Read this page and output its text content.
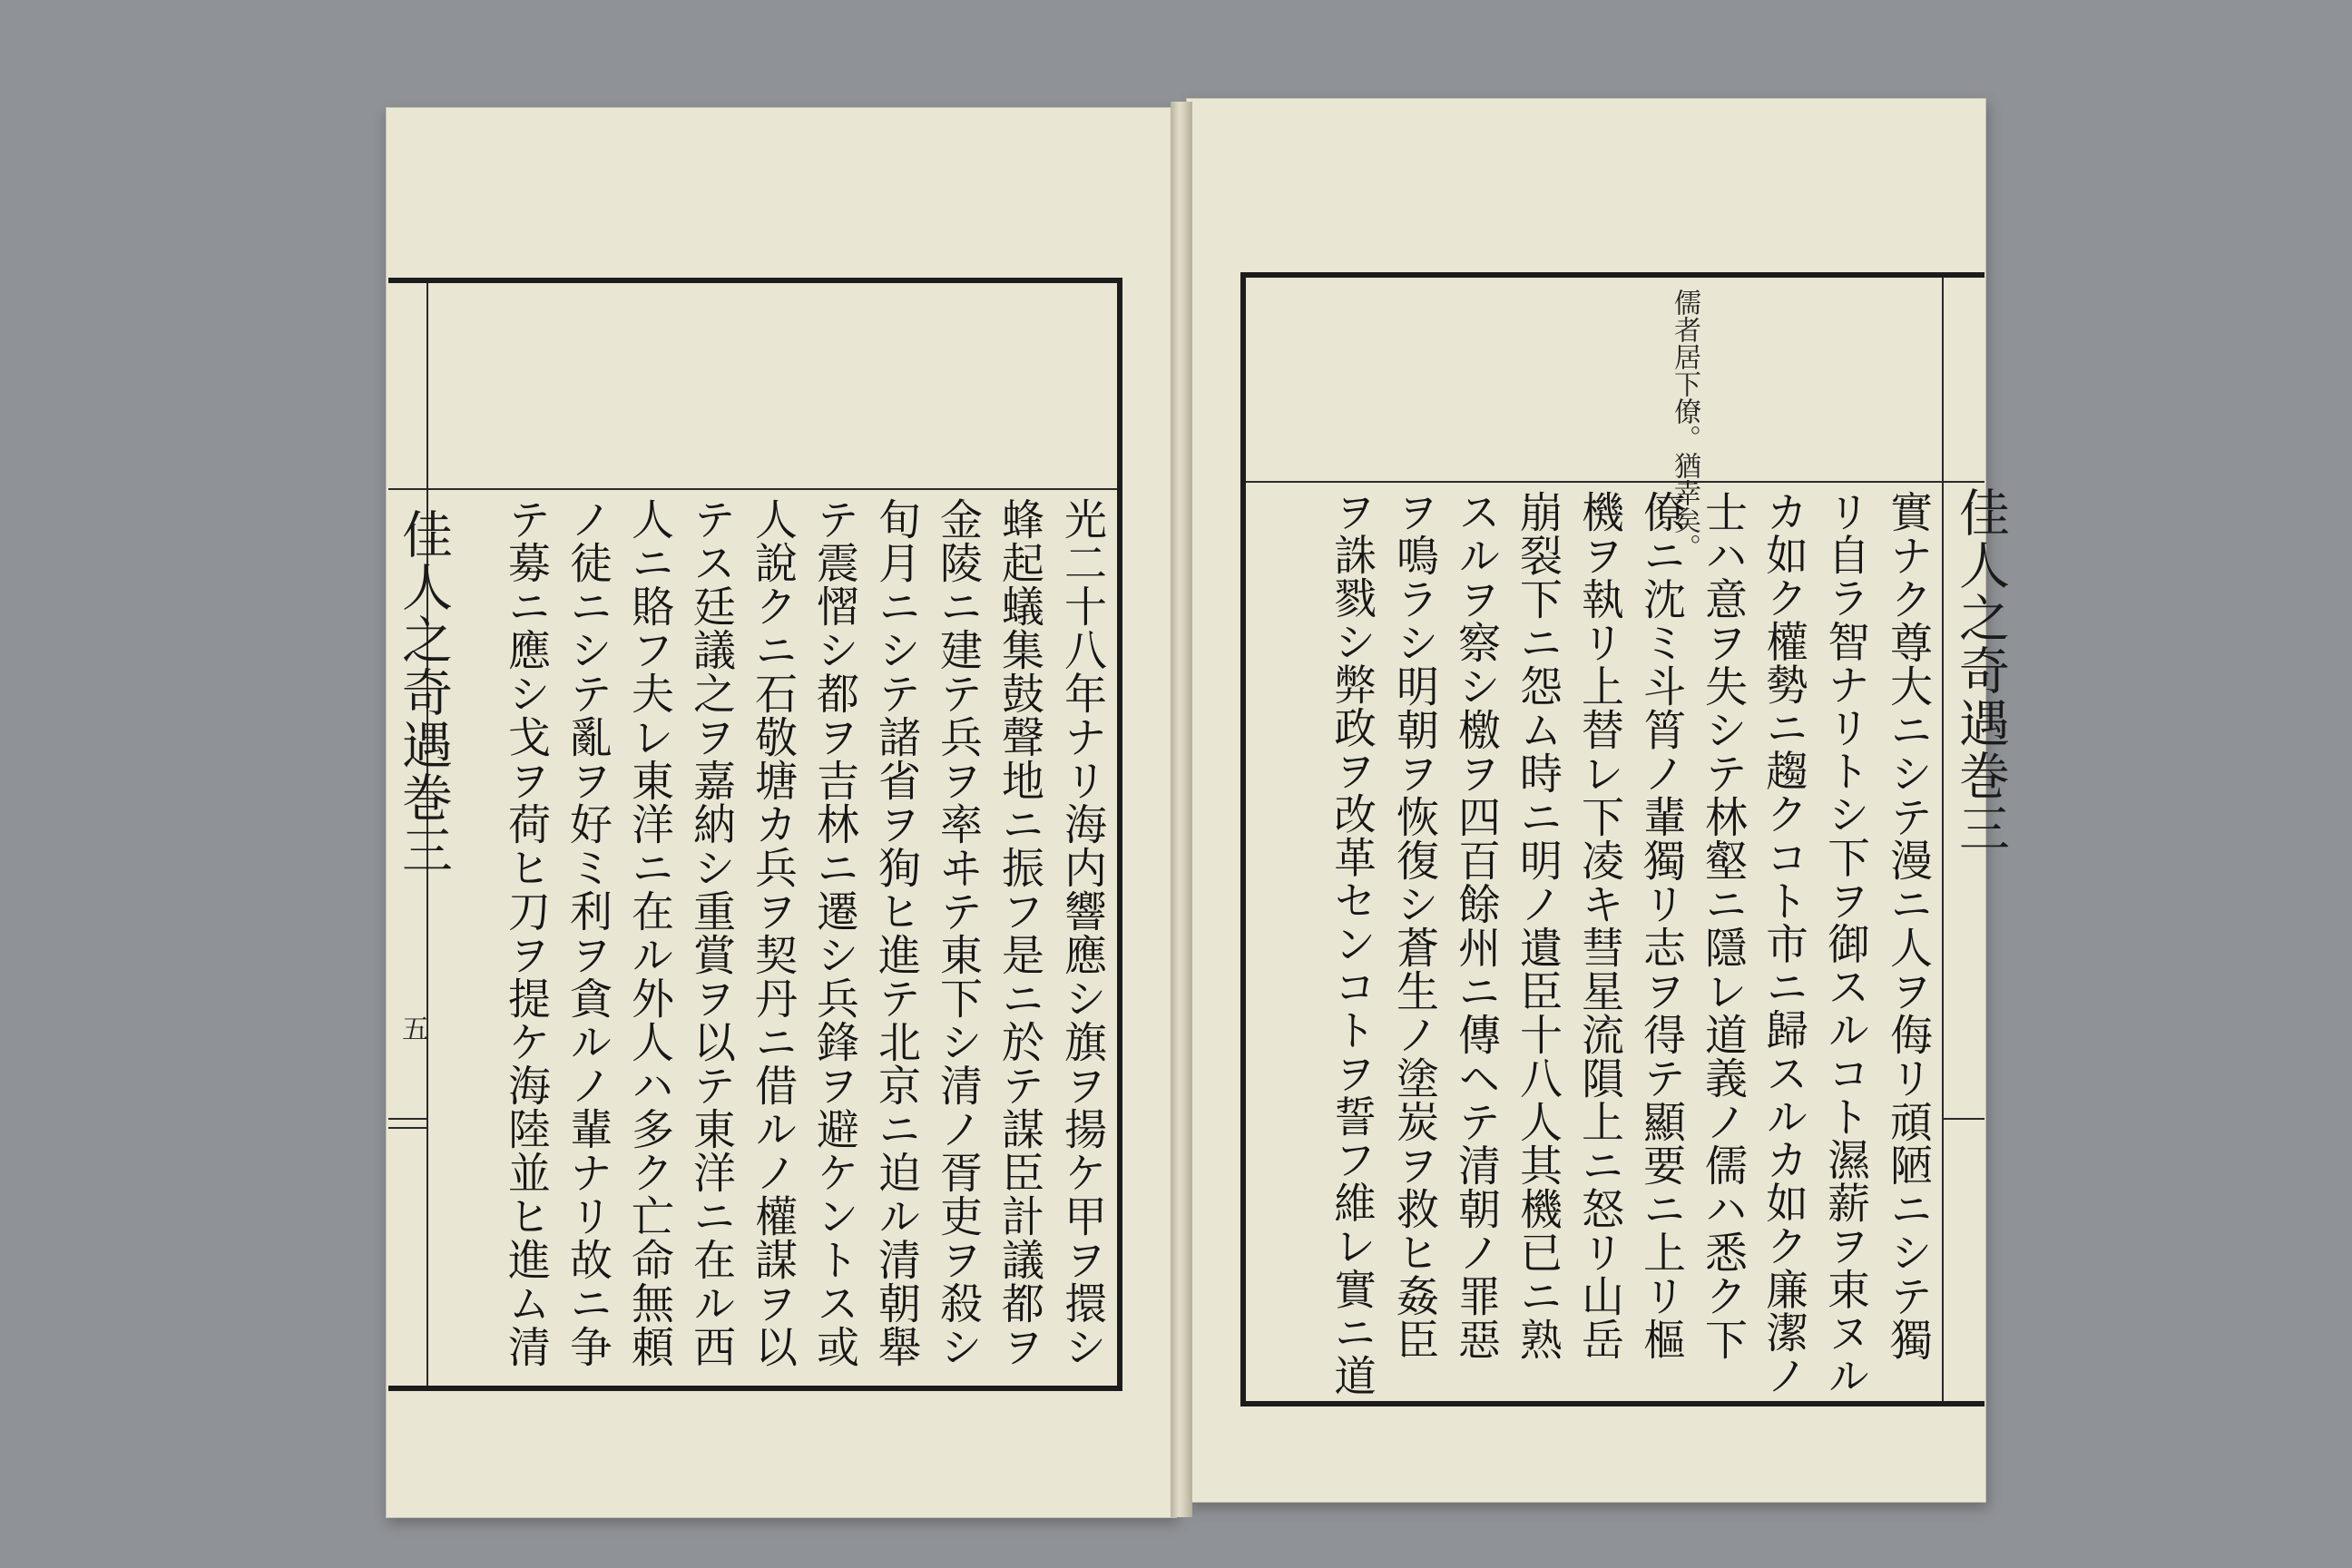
佳人之奇遇巻三
五
佳人之奇遇巻三
儒者居下僚。猶幸矣。
光二十八年ナリ海内響應シ旗ヲ揚ケ甲ヲ擐シ
蜂起蟻集鼓聲地ニ振フ是ニ於テ謀臣計議都ヲ
金陵ニ建テ兵ヲ率ヰテ東下シ清ノ胥吏ヲ殺シ
旬月ニシテ諸省ヲ狥ヒ進テ北京ニ迫ル清朝舉
テ震慴シ都ヲ吉林ニ遷シ兵鋒ヲ避ケントス或
人說クニ石敬塘カ兵ヲ契丹ニ借ルノ權謀ヲ以
テス廷議之ヲ嘉納シ重賞ヲ以テ東洋ニ在ル西
人ニ賂フ夫レ東洋ニ在ル外人ハ多ク亡命無頼
ノ徒ニシテ亂ヲ好ミ利ヲ貪ルノ輩ナリ故ニ争
テ募ニ應シ戈ヲ荷ヒ刀ヲ提ケ海陸並ヒ進ム清	實ナク尊大ニシテ漫ニ人ヲ侮リ頑陋ニシテ獨
リ自ラ智ナリトシ下ヲ御スルコト濕薪ヲ束ヌル
カ如ク權勢ニ趨クコト市ニ歸スルカ如ク廉潔ノ
士ハ意ヲ失シテ林壑ニ隱レ道義ノ儒ハ悉ク下
僚ニ沈ミ斗筲ノ輩獨リ志ヲ得テ顯要ニ上リ樞
機ヲ執リ上替レ下凌キ彗星流隕上ニ怒リ山岳
崩裂下ニ怨ム時ニ明ノ遺臣十八人其機已ニ熟
スルヲ察シ檄ヲ四百餘州ニ傳ヘテ清朝ノ罪惡
ヲ鳴ラシ明朝ヲ恢復シ蒼生ノ塗炭ヲ救ヒ姦臣
ヲ誅戮シ弊政ヲ改革センコトヲ誓フ維レ實ニ道
